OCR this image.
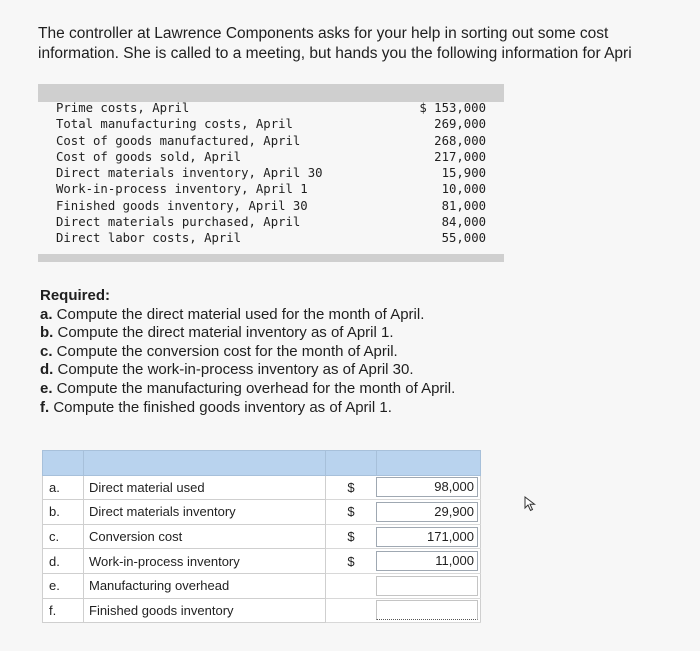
The controller at Lawrence Components asks for your help in sorting out some cost
information. She is called to a meeting, but hands you the following information for Apri
Prime costs, April	$ 153,000
Total manufacturing costs, April	269,000
Cost of goods manufactured, April	268,000
Cost of goods sold, April	217,000
Direct materials inventory, April 30	15,900
Work-in-process inventory, April 1	10,000
Finished goods inventory, April 30	81,000
Direct materials purchased, April	84,000
Direct labor costs, April	55,000
Required:
a. Compute the direct material used for the month of April.
b. Compute the direct material inventory as of April 1.
c. Compute the conversion cost for the month of April.
d. Compute the work-in-process inventory as of April 30.
e. Compute the manufacturing overhead for the month of April.
f. Compute the finished goods inventory as of April 1.

a.	Direct material used	$	98,000

b.	Direct materials inventory	$	29,900

c.	Conversion cost	$	171,000

d.	Work-in-process inventory	$	11,000

e.	Manufacturing overhead		

f.	Finished goods inventory		
